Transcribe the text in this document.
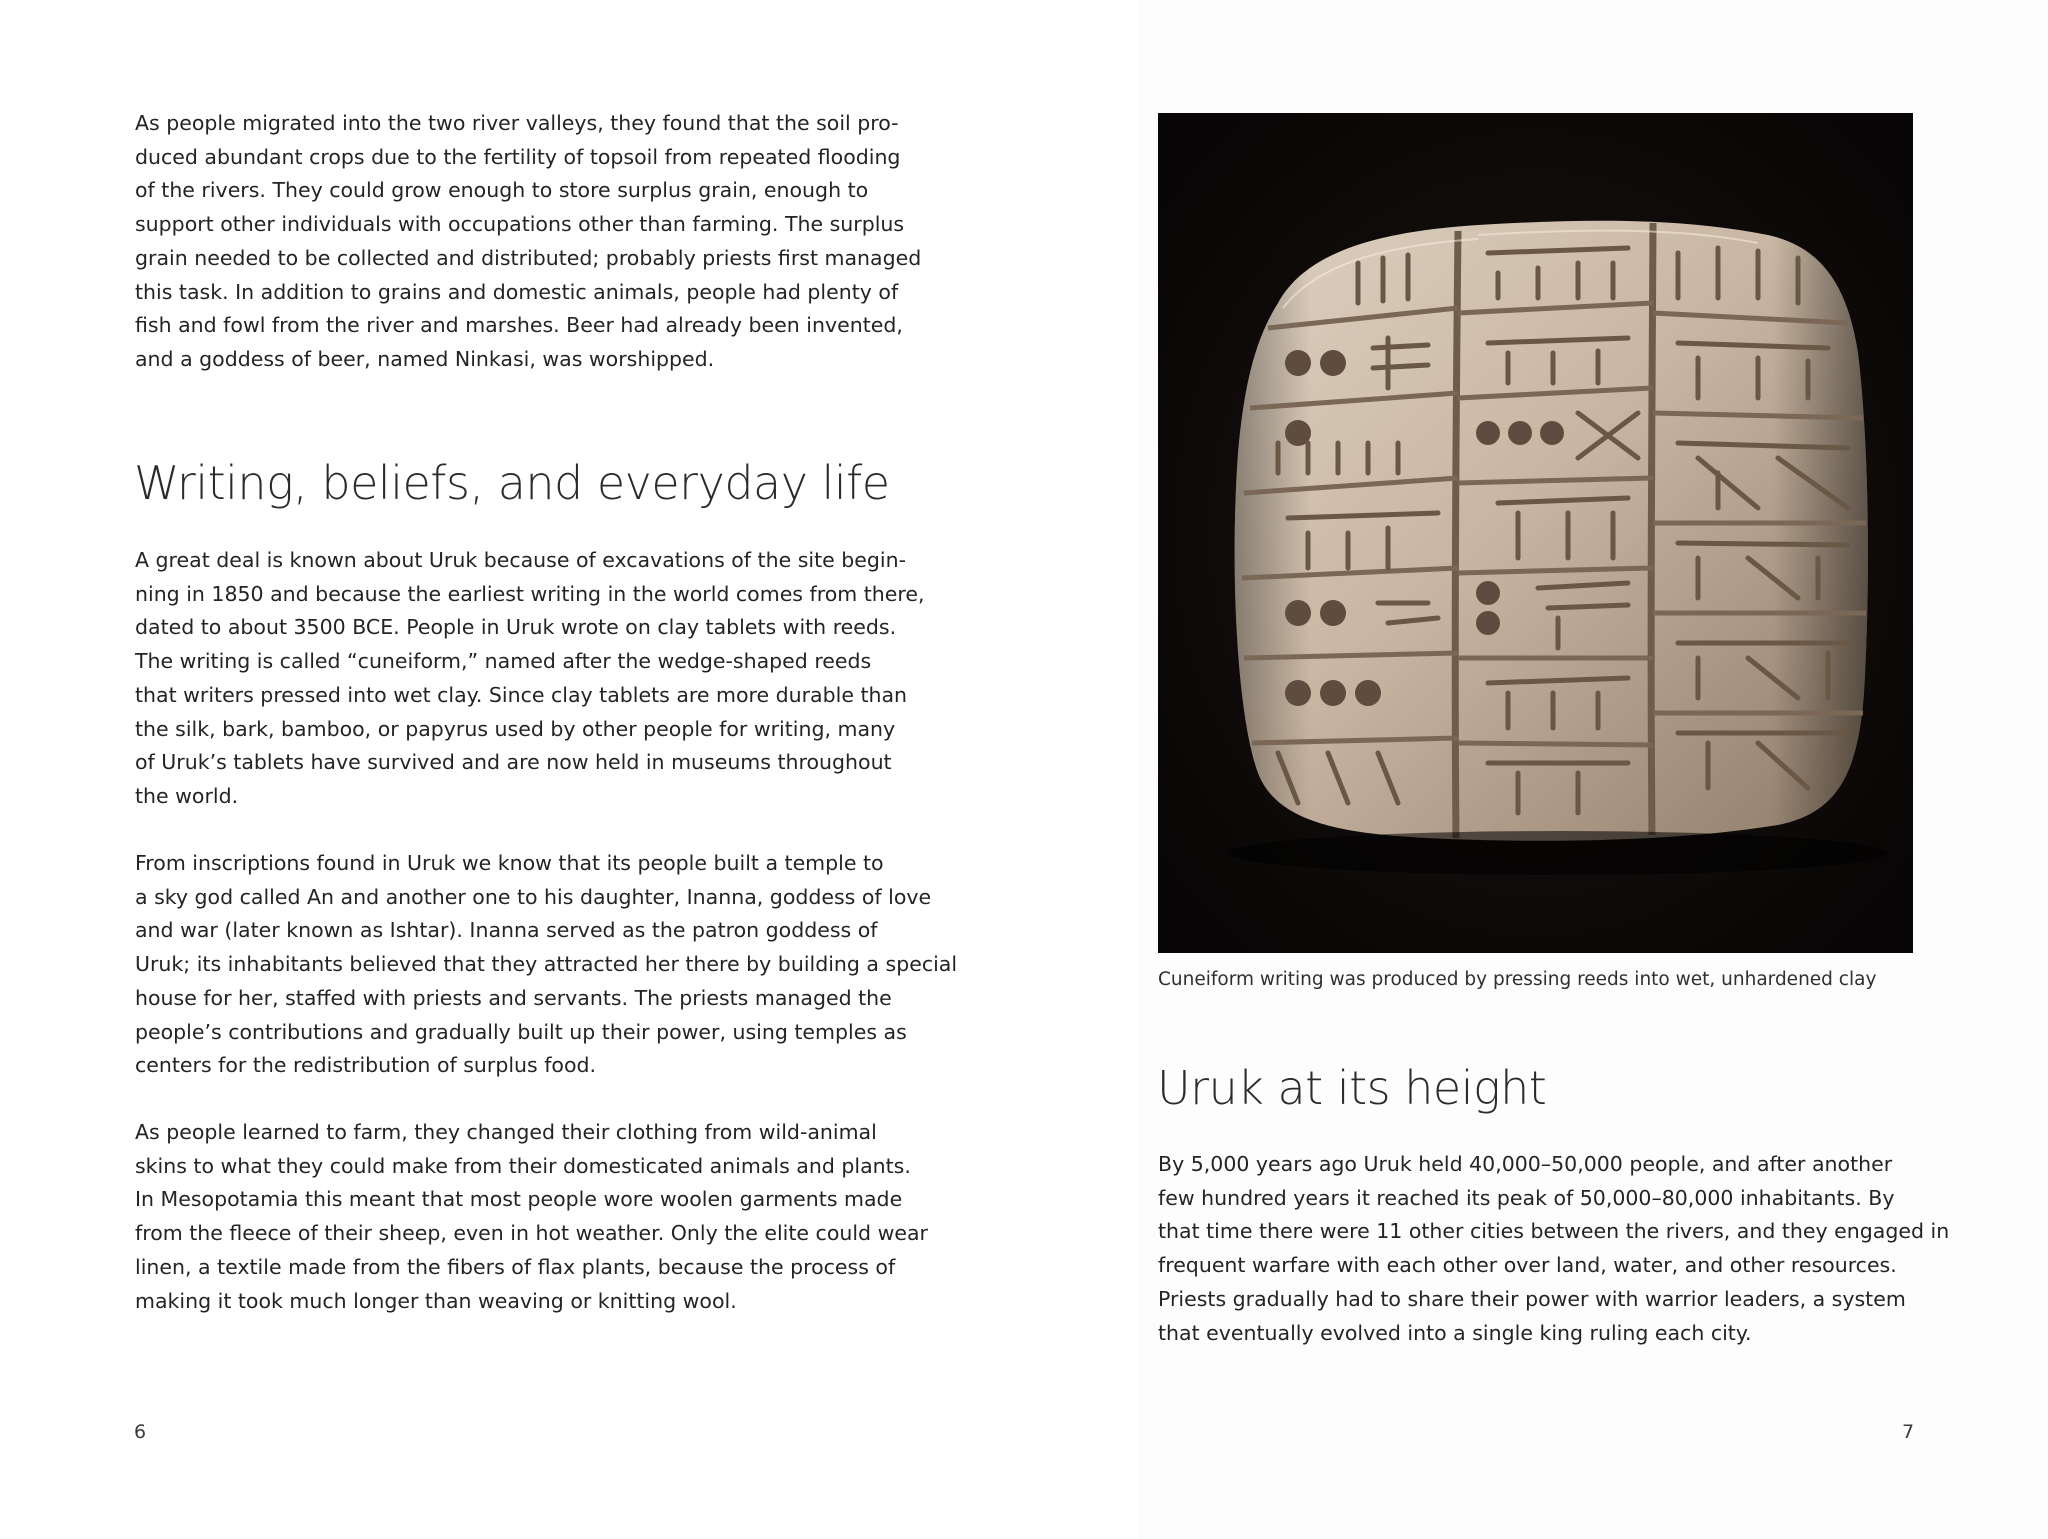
As people migrated into the two river valleys, they found that the soil pro-
duced abundant crops due to the fertility of topsoil from repeated flooding
of the rivers. They could grow enough to store surplus grain, enough to
support other individuals with occupations other than farming. The surplus
grain needed to be collected and distributed; probably priests first managed
this task. In addition to grains and domestic animals, people had plenty of
fish and fowl from the river and marshes. Beer had already been invented,
and a goddess of beer, named Ninkasi, was worshipped.
Writing, beliefs, and everyday life
A great deal is known about Uruk because of excavations of the site begin-
ning in 1850 and because the earliest writing in the world comes from there,
dated to about 3500 BCE. People in Uruk wrote on clay tablets with reeds.
The writing is called “cuneiform,” named after the wedge-shaped reeds
that writers pressed into wet clay. Since clay tablets are more durable than
the silk, bark, bamboo, or papyrus used by other people for writing, many
of Uruk’s tablets have survived and are now held in museums throughout
the world.
From inscriptions found in Uruk we know that its people built a temple to
a sky god called An and another one to his daughter, Inanna, goddess of love
and war (later known as Ishtar). Inanna served as the patron goddess of
Uruk; its inhabitants believed that they attracted her there by building a special
house for her, staffed with priests and servants. The priests managed the
people’s contributions and gradually built up their power, using temples as
centers for the redistribution of surplus food.
As people learned to farm, they changed their clothing from wild-animal
skins to what they could make from their domesticated animals and plants.
In Mesopotamia this meant that most people wore woolen garments made
from the fleece of their sheep, even in hot weather. Only the elite could wear
linen, a textile made from the fibers of flax plants, because the process of
making it took much longer than weaving or knitting wool.
6

Cuneiform writing was produced by pressing reeds into wet, unhardened clay

Uruk at its height
By 5,000 years ago Uruk held 40,000–50,000 people, and after another
few hundred years it reached its peak of 50,000–80,000 inhabitants. By
that time there were 11 other cities between the rivers, and they engaged in
frequent warfare with each other over land, water, and other resources.
Priests gradually had to share their power with warrior leaders, a system
that eventually evolved into a single king ruling each city.
7
